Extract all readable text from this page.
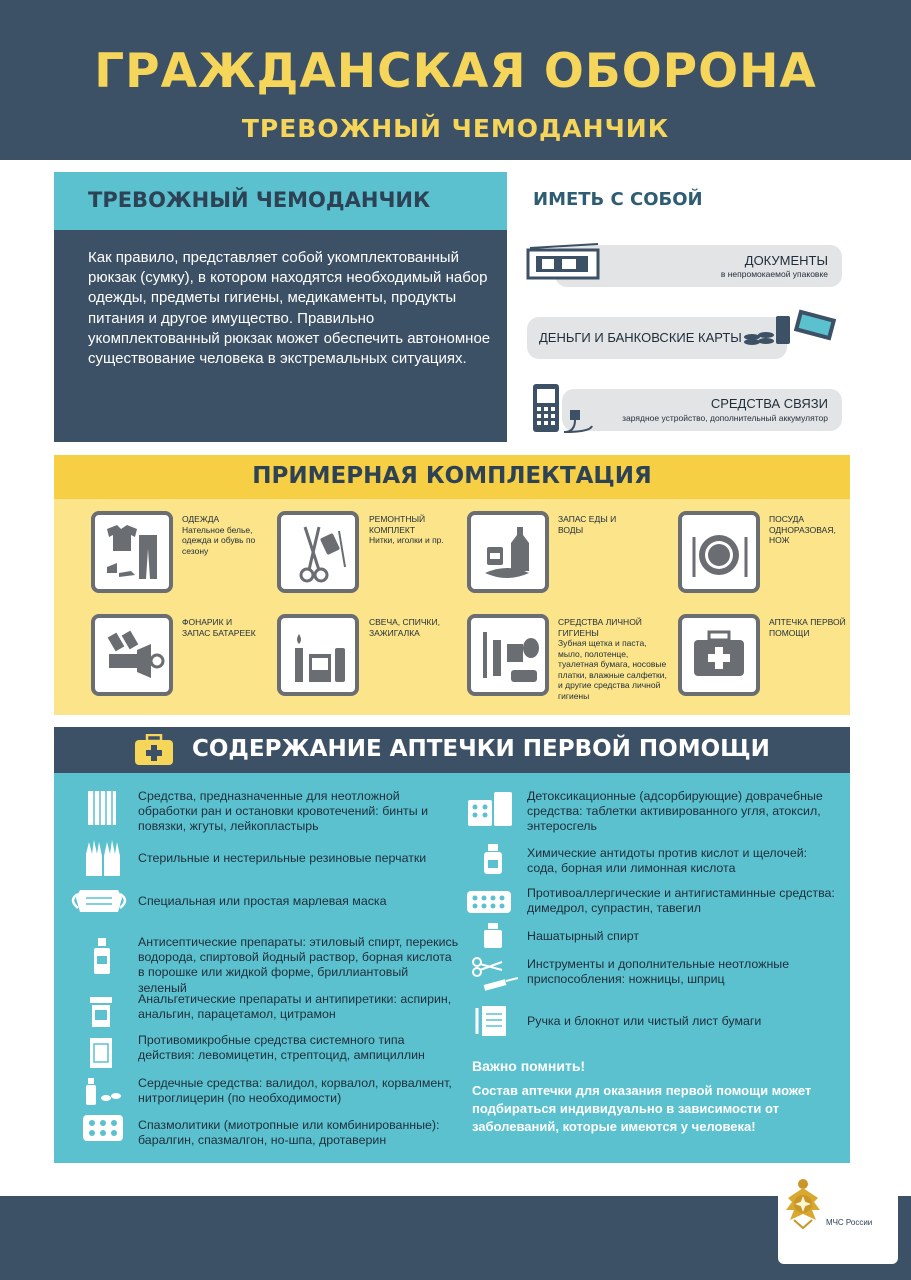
ГРАЖДАНСКАЯ ОБОРОНА
ТРЕВОЖНЫЙ ЧЕМОДАНЧИК
ТРЕВОЖНЫЙ ЧЕМОДАНЧИК

Как правило, представляет собой укомплектованный рюкзак (сумку), в котором находятся необходимый набор одежды, предметы гигиены, медикаменты, продукты питания и другое имущество. Правильно укомплектованный рюкзак может обеспечить автономное существование человека в экстремальных ситуациях.

ИМЕТЬ С СОБОЙ
ДОКУМЕНТЫ
в непромокаемой упаковке
ДЕНЬГИ И БАНКОВСКИЕ КАРТЫ
СРЕДСТВА СВЯЗИ
зарядное устройство, дополнительный аккумулятор
ПРИМЕРНАЯ КОМПЛЕКТАЦИЯ
ОДЕЖДА
Нательное белье, одежда и обувь по сезону
РЕМОНТНЫЙ КОМПЛЕКТ
Нитки, иголки и пр.
ЗАПАС ЕДЫ И ВОДЫ
ПОСУДА ОДНОРАЗОВАЯ, НОЖ
ФОНАРИК И ЗАПАС БАТАРЕЕК
СВЕЧА, СПИЧКИ, ЗАЖИГАЛКА
СРЕДСТВА ЛИЧНОЙ ГИГИЕНЫ
Зубная щетка и паста, мыло, полотенце, туалетная бумага, носовые платки, влажные салфетки, и другие средства личной гигиены
АПТЕЧКА ПЕРВОЙ ПОМОЩИ
СОДЕРЖАНИЕ АПТЕЧКИ ПЕРВОЙ ПОМОЩИ
Средства, предназначенные для неотложной обработки ран и остановки кровотечений: бинты и повязки, жгуты, лейкопластырь
Стерильные и нестерильные резиновые перчатки
Специальная или простая марлевая маска
Антисептические препараты: этиловый спирт, перекись водорода, спиртовой йодный раствор, борная кислота в порошке или жидкой форме, бриллиантовый зеленый
Анальгетические препараты и антипиретики: аспирин, анальгин, парацетамол, цитрамон
Противомикробные средства системного типа действия: левомицетин, стрептоцид, ампициллин
Сердечные средства: валидол, корвалол, корвалмент, нитроглицерин (по необходимости)
Спазмолитики (миотропные или комбинированные): баралгин, спазмалгон, но-шпа, дротаверин
Детоксикационные (адсорбирующие) доврачебные средства: таблетки активированного угля, атоксил, энтеросгель
Химические антидоты против кислот и щелочей: сода, борная или лимонная кислота
Противоаллергические и антигистаминные средства: димедрол, супрастин, тавегил
Нашатырный спирт
Инструменты и дополнительные неотложные приспособления: ножницы, шприц
Ручка и блокнот или чистый лист бумаги
Важно помнить!
Состав аптечки для оказания первой помощи может подбираться индивидуально в зависимости от заболеваний, которые имеются у человека!
МЧС России
